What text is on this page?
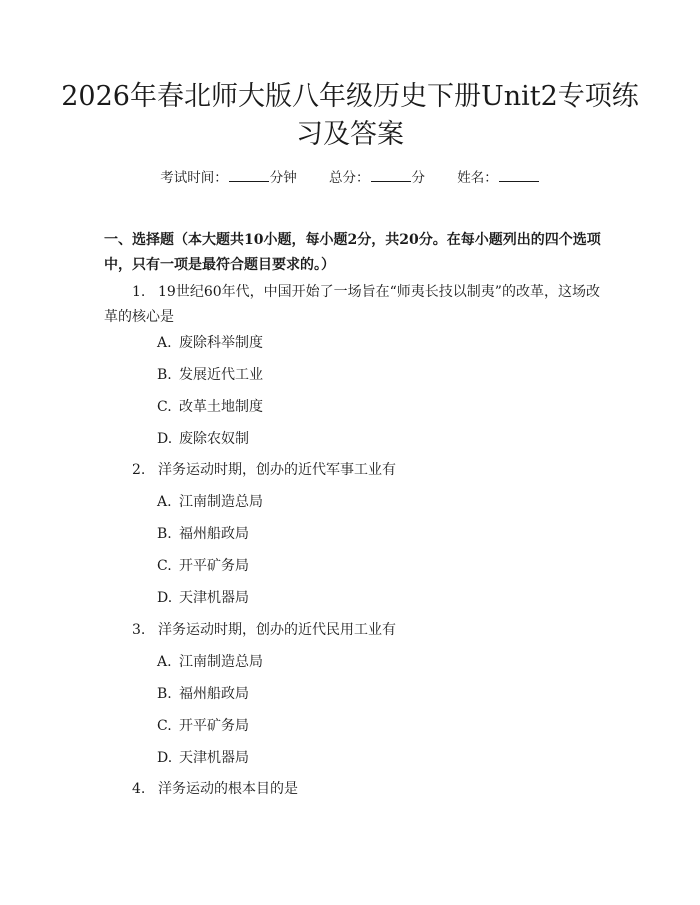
2026年春北师大版八年级历史下册Unit2专项练习及答案
考试时间：	分钟 总分：	分 姓名：

一、选择题（本大题共10小题，每小题2分，共20分。在每小题列出的四个选项中，只有一项是最符合题目要求的。）

1. 19世纪60年代，中国开始了一场旨在“师夷长技以制夷”的改革，这场改革的核心是

A. 废除科举制度
B. 发展近代工业
C. 改革土地制度
D. 废除农奴制

2. 洋务运动时期，创办的近代军事工业有

A. 江南制造总局
B. 福州船政局
C. 开平矿务局
D. 天津机器局

3. 洋务运动时期，创办的近代民用工业有

A. 江南制造总局
B. 福州船政局
C. 开平矿务局
D. 天津机器局

4. 洋务运动的根本目的是
